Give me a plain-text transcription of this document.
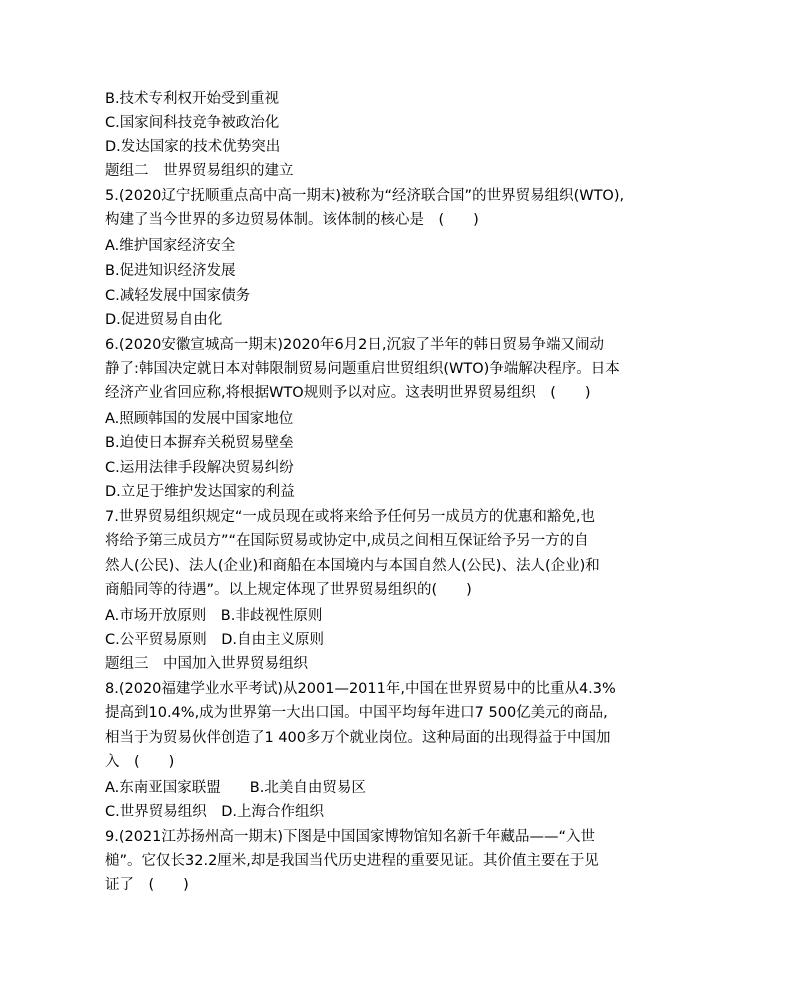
B.技术专利权开始受到重视
C.国家间科技竞争被政治化
D.发达国家的技术优势突出
题组二　世界贸易组织的建立
5.(2020辽宁抚顺重点高中高一期末)被称为“经济联合国”的世界贸易组织(WTO),
构建了当今世界的多边贸易体制。该体制的核心是　(　　)
A.维护国家经济安全
B.促进知识经济发展
C.减轻发展中国家债务
D.促进贸易自由化
6.(2020安徽宣城高一期末)2020年6月2日,沉寂了半年的韩日贸易争端又闹动
静了:韩国决定就日本对韩限制贸易问题重启世贸组织(WTO)争端解决程序。日本
经济产业省回应称,将根据WTO规则予以对应。这表明世界贸易组织　(　　)
A.照顾韩国的发展中国家地位
B.迫使日本摒弃关税贸易壁垒
C.运用法律手段解决贸易纠纷
D.立足于维护发达国家的利益
7.世界贸易组织规定“一成员现在或将来给予任何另一成员方的优惠和豁免,也
将给予第三成员方”“在国际贸易或协定中,成员之间相互保证给予另一方的自
然人(公民)、法人(企业)和商船在本国境内与本国自然人(公民)、法人(企业)和
商船同等的待遇”。以上规定体现了世界贸易组织的(　　)
A.市场开放原则　B.非歧视性原则
C.公平贸易原则　D.自由主义原则
题组三　中国加入世界贸易组织
8.(2020福建学业水平考试)从2001—2011年,中国在世界贸易中的比重从4.3%
提高到10.4%,成为世界第一大出口国。中国平均每年进口7 500亿美元的商品,
相当于为贸易伙伴创造了1 400多万个就业岗位。这种局面的出现得益于中国加
入　(　　)
A.东南亚国家联盟　　B.北美自由贸易区
C.世界贸易组织　D.上海合作组织
9.(2021江苏扬州高一期末)下图是中国国家博物馆知名新千年藏品——“入世
槌”。它仅长32.2厘米,却是我国当代历史进程的重要见证。其价值主要在于见
证了　(　　)
